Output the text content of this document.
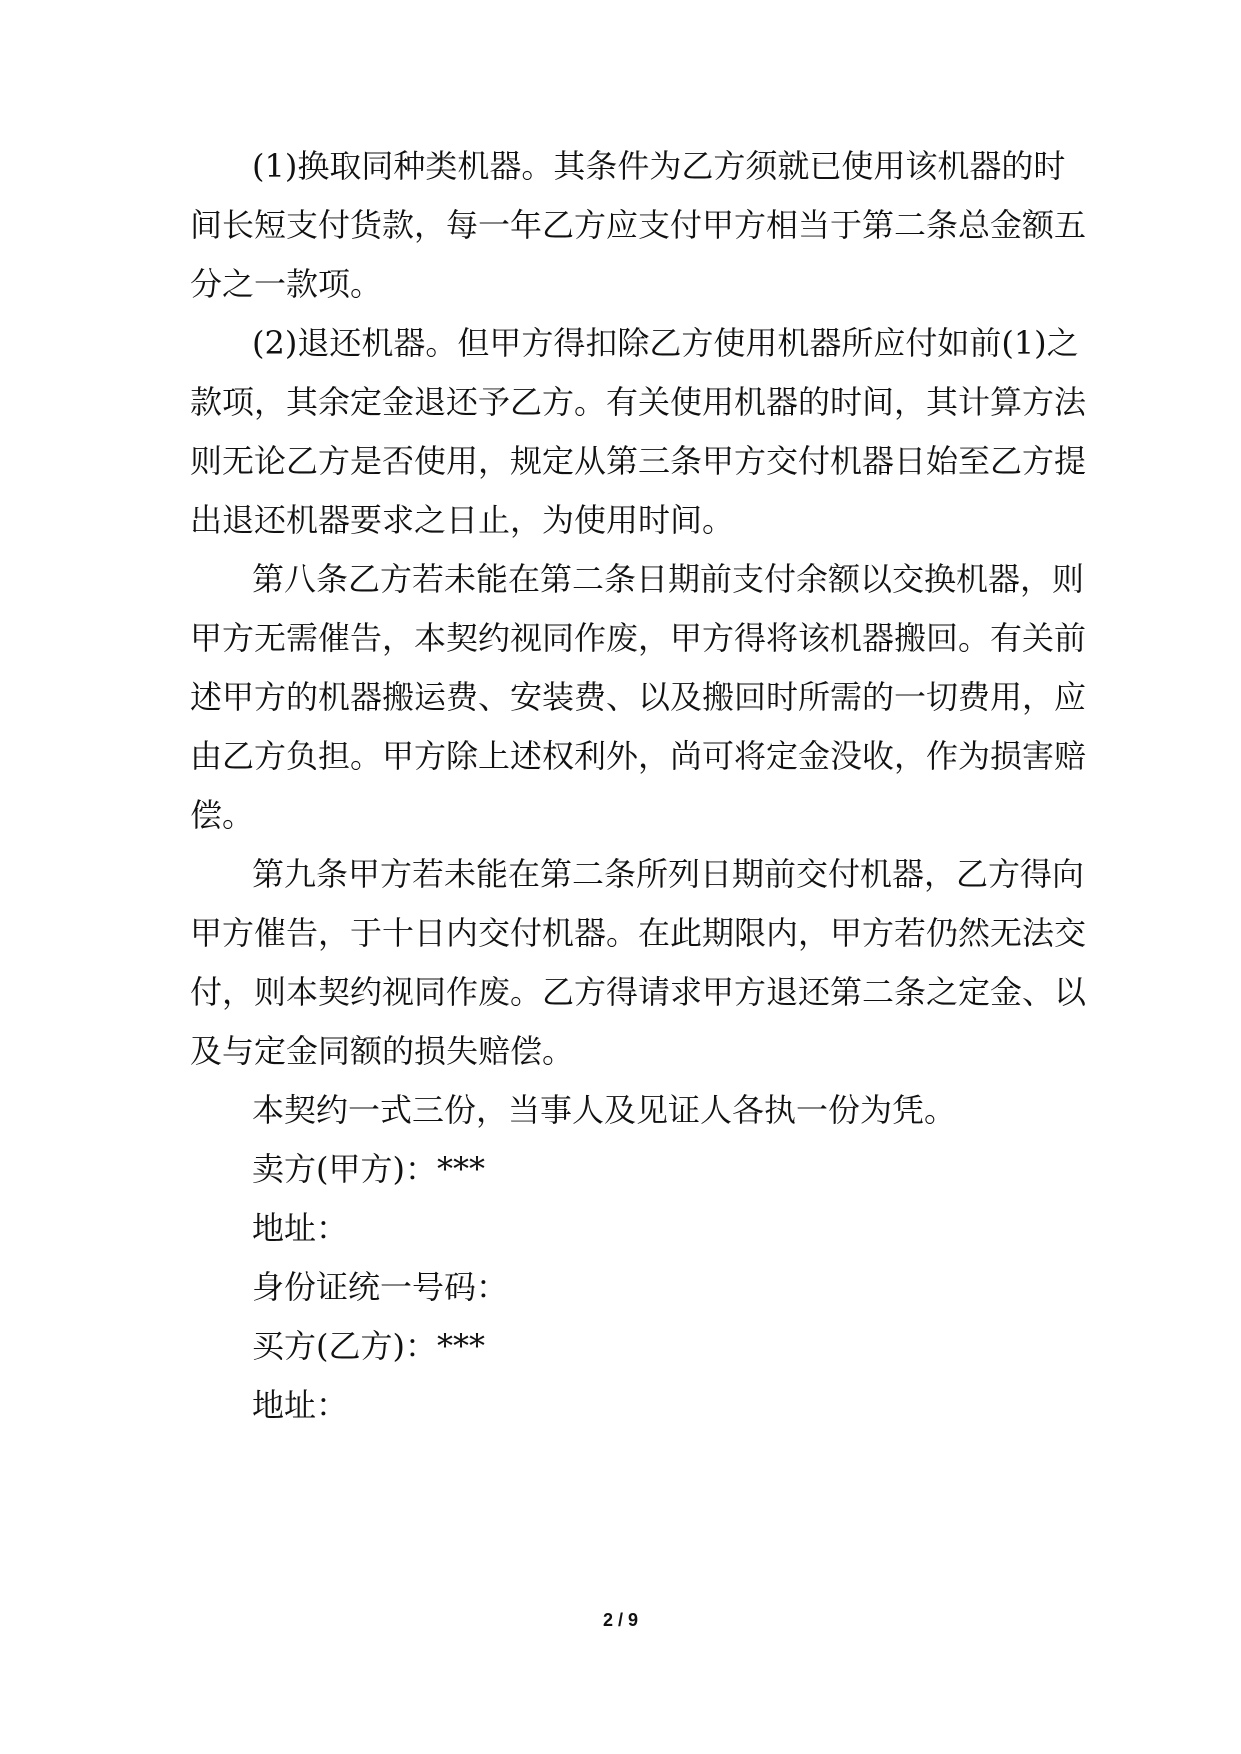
(1)换取同种类机器。其条件为乙方须就已使用该机器的时
间长短支付货款，每一年乙方应支付甲方相当于第二条总金额五
分之一款项。
(2)退还机器。但甲方得扣除乙方使用机器所应付如前(1)之
款项，其余定金退还予乙方。有关使用机器的时间，其计算方法
则无论乙方是否使用，规定从第三条甲方交付机器日始至乙方提
出退还机器要求之日止，为使用时间。
第八条乙方若未能在第二条日期前支付余额以交换机器，则
甲方无需催告，本契约视同作废，甲方得将该机器搬回。有关前
述甲方的机器搬运费、安装费、以及搬回时所需的一切费用，应
由乙方负担。甲方除上述权利外，尚可将定金没收，作为损害赔
偿。
第九条甲方若未能在第二条所列日期前交付机器，乙方得向
甲方催告，于十日内交付机器。在此期限内，甲方若仍然无法交
付，则本契约视同作废。乙方得请求甲方退还第二条之定金、以
及与定金同额的损失赔偿。
本契约一式三份，当事人及见证人各执一份为凭。
卖方(甲方)：***
地址：
身份证统一号码：
买方(乙方)：***
地址：
2 / 9
